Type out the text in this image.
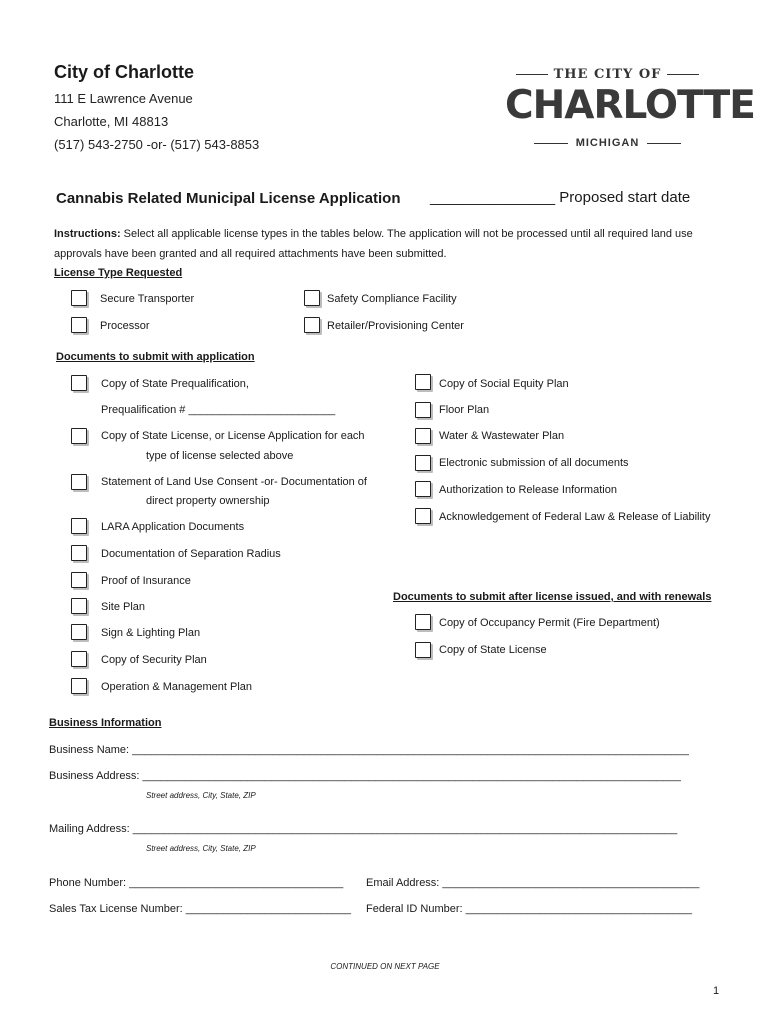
City of Charlotte
111 E Lawrence Avenue
Charlotte, MI 48813
(517) 543-2750 -or- (517) 543-8853
THE CITY OF
CHARLOTTE
MICHIGAN
Cannabis Related Municipal License Application _______________ Proposed start date
Instructions: Select all applicable license types in the tables below. The application will not be processed until all required land use approvals have been granted and all required attachments have been submitted.
License Type Requested
Secure Transporter	Safety Compliance Facility
Processor	Retailer/Provisioning Center
Documents to submit with application
Copy of State Prequalification,
Prequalification # ________________________
Copy of State License, or License Application for each
type of license selected above
Statement of Land Use Consent -or- Documentation of
direct property ownership
LARA Application Documents
Documentation of Separation Radius
Proof of Insurance
Site Plan
Sign & Lighting Plan
Copy of Security Plan
Operation & Management Plan
Copy of Social Equity Plan
Floor Plan
Water & Wastewater Plan
Electronic submission of all documents
Authorization to Release Information
Acknowledgement of Federal Law & Release of Liability
Documents to submit after license issued, and with renewals
Copy of Occupancy Permit (Fire Department)
Copy of State License
Business Information
Business Name: ___________________________________________________________________________________________
Business Address: ________________________________________________________________________________________
Street address, City, State, ZIP
Mailing Address: _________________________________________________________________________________________
Street address, City, State, ZIP
Phone Number: ___________________________________ Email Address: __________________________________________
Sales Tax License Number: ___________________________ Federal ID Number: _____________________________________
CONTINUED ON NEXT PAGE
1
